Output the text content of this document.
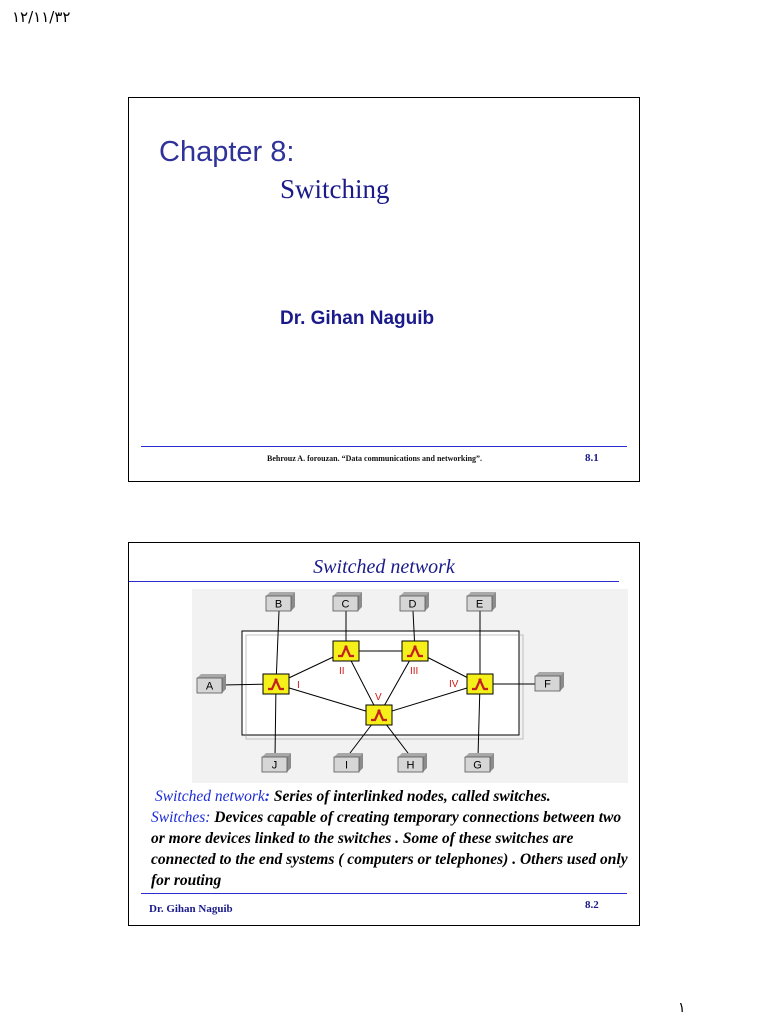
١٢/١١/٣٢
Chapter 8:
Switching
Dr. Gihan Naguib
Behrouz A. forouzan. “Data communications and networking”.	8.1
Switched network
I
II	III
IV
V
A
B	C	D	E
F
G
H
I
J

Switched network: Series of interlinked nodes, called switches.

Switches: Devices capable of creating temporary connections between two or more devices linked to the switches . Some of these switches are connected to the end systems ( computers or telephones) . Others used only for routing

Dr. Gihan Naguib	8.2
١
